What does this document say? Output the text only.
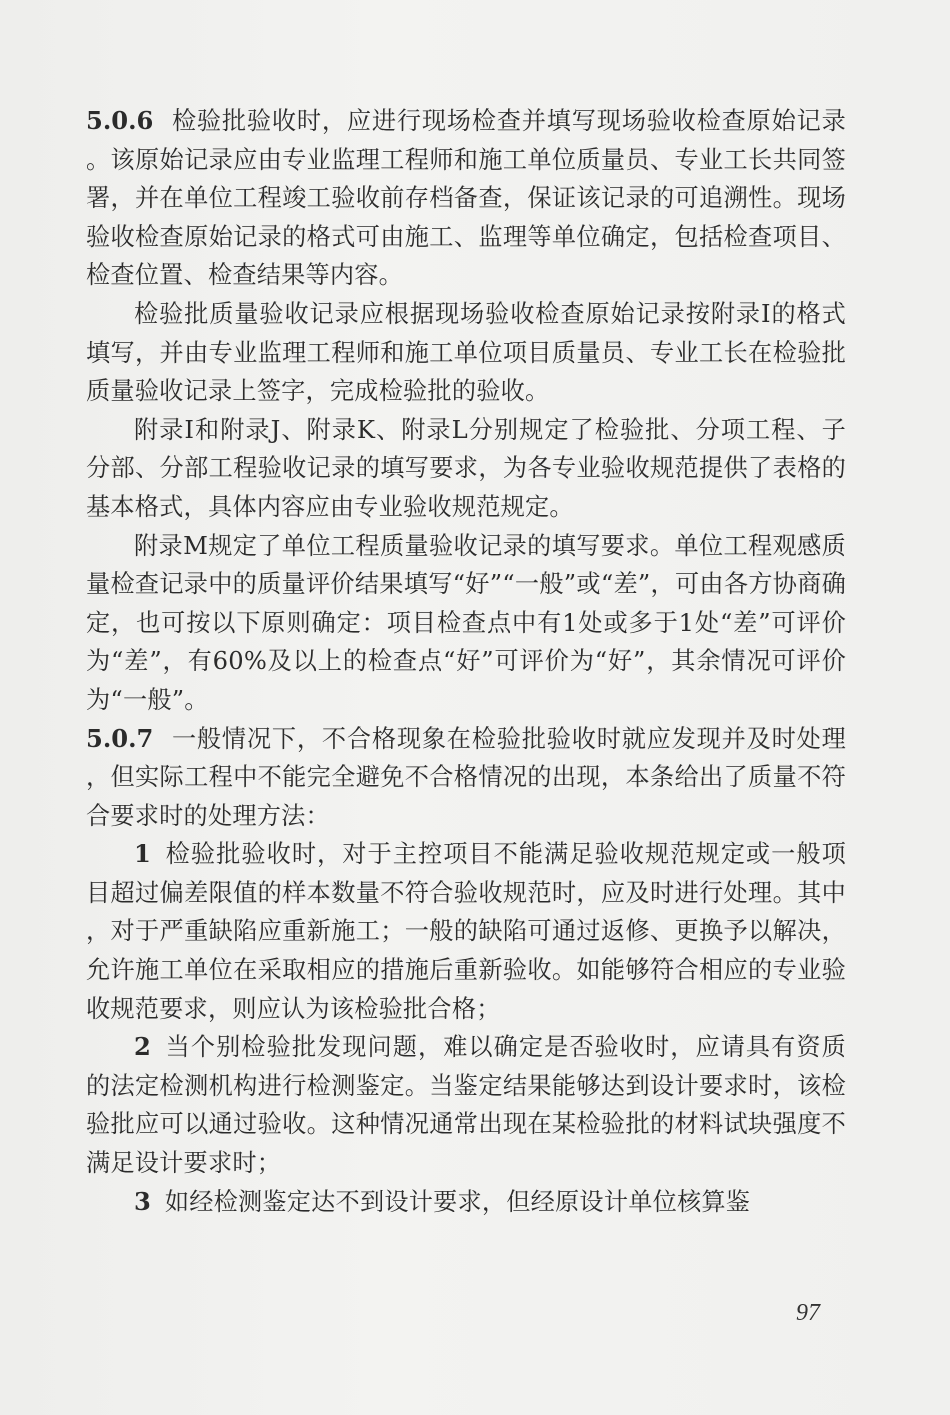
5.0.6 检验批验收时，应进行现场检查并填写现场验收检查原始记录。该原始记录应由专业监理工程师和施工单位质量员、专业工长共同签署，并在单位工程竣工验收前存档备查，保证该记录的可追溯性。现场验收检查原始记录的格式可由施工、监理等单位确定，包括检查项目、检查位置、检查结果等内容。

检验批质量验收记录应根据现场验收检查原始记录按附录I的格式填写，并由专业监理工程师和施工单位项目质量员、专业工长在检验批质量验收记录上签字，完成检验批的验收。

附录I和附录J、附录K、附录L分别规定了检验批、分项工程、子分部、分部工程验收记录的填写要求，为各专业验收规范提供了表格的基本格式，具体内容应由专业验收规范规定。

附录M规定了单位工程质量验收记录的填写要求。单位工程观感质量检查记录中的质量评价结果填写“好”“一般”或“差”，可由各方协商确定，也可按以下原则确定：项目检查点中有1处或多于1处“差”可评价为“差”，有60%及以上的检查点“好”可评价为“好”，其余情况可评价为“一般”。

5.0.7 一般情况下，不合格现象在检验批验收时就应发现并及时处理，但实际工程中不能完全避免不合格情况的出现，本条给出了质量不符合要求时的处理方法：

1 检验批验收时，对于主控项目不能满足验收规范规定或一般项目超过偏差限值的样本数量不符合验收规范时，应及时进行处理。其中，对于严重缺陷应重新施工；一般的缺陷可通过返修、更换予以解决，允许施工单位在采取相应的措施后重新验收。如能够符合相应的专业验收规范要求，则应认为该检验批合格；

2 当个别检验批发现问题，难以确定是否验收时，应请具有资质的法定检测机构进行检测鉴定。当鉴定结果能够达到设计要求时，该检验批应可以通过验收。这种情况通常出现在某检验批的材料试块强度不满足设计要求时；

3 如经检测鉴定达不到设计要求，但经原设计单位核算鉴

97
